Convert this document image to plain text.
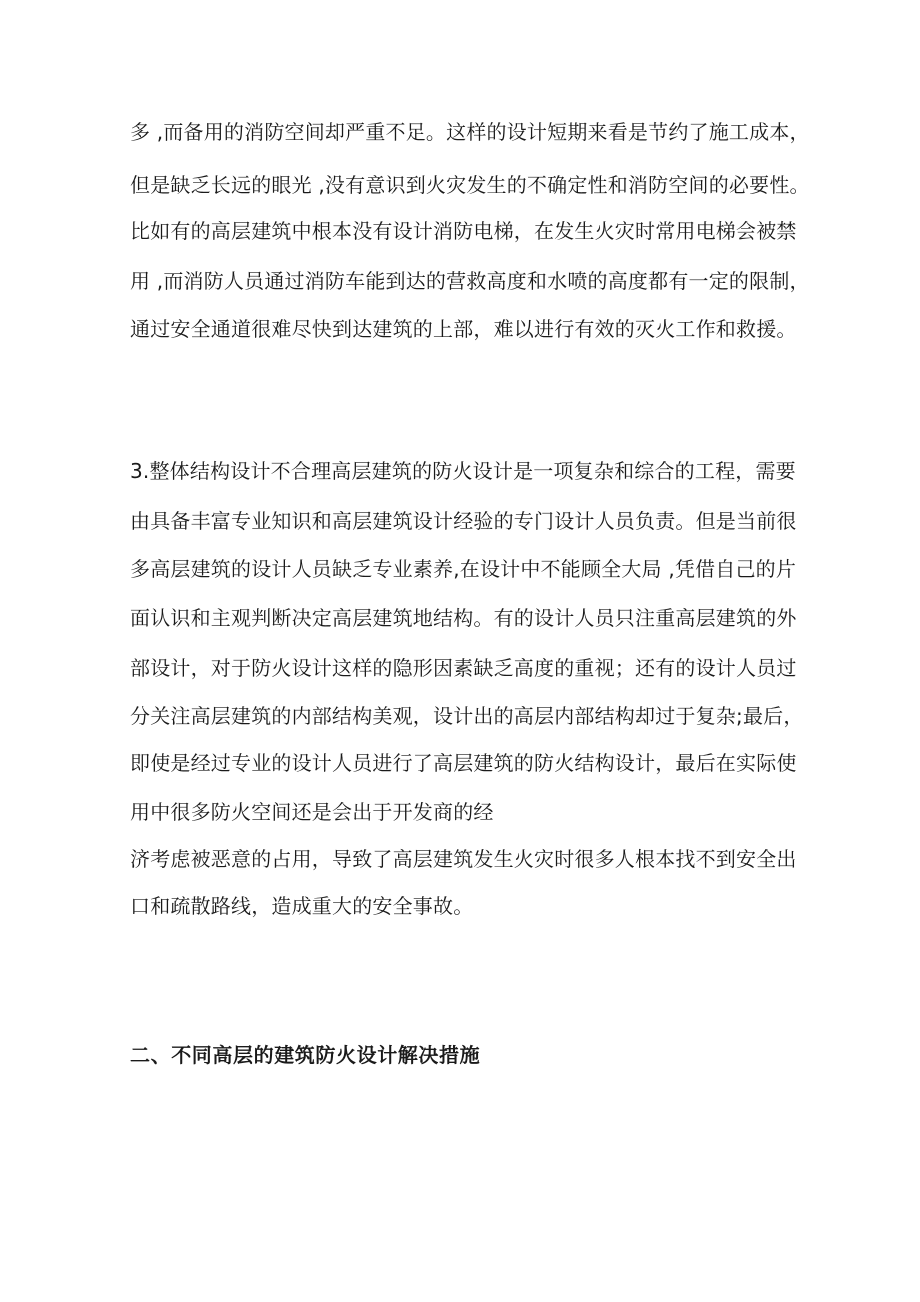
多 ,而备用的消防空间却严重不足。这样的设计短期来看是节约了施工成本，
但是缺乏长远的眼光 ,没有意识到火灾发生的不确定性和消防空间的必要性。
比如有的高层建筑中根本没有设计消防电梯，在发生火灾时常用电梯会被禁
用 ,而消防人员通过消防车能到达的营救高度和水喷的高度都有一定的限制，
通过安全通道很难尽快到达建筑的上部，难以进行有效的灭火工作和救援。
3.整体结构设计不合理高层建筑的防火设计是一项复杂和综合的工程，需要
由具备丰富专业知识和高层建筑设计经验的专门设计人员负责。但是当前很
多高层建筑的设计人员缺乏专业素养,在设计中不能顾全大局 ,凭借自己的片
面认识和主观判断决定高层建筑地结构。有的设计人员只注重高层建筑的外
部设计，对于防火设计这样的隐形因素缺乏高度的重视；还有的设计人员过
分关注高层建筑的内部结构美观，设计出的高层内部结构却过于复杂;最后，
即使是经过专业的设计人员进行了高层建筑的防火结构设计，最后在实际使
用中很多防火空间还是会出于开发商的经
济考虑被恶意的占用，导致了高层建筑发生火灾时很多人根本找不到安全出
口和疏散路线，造成重大的安全事故。
二、不同高层的建筑防火设计解决措施
